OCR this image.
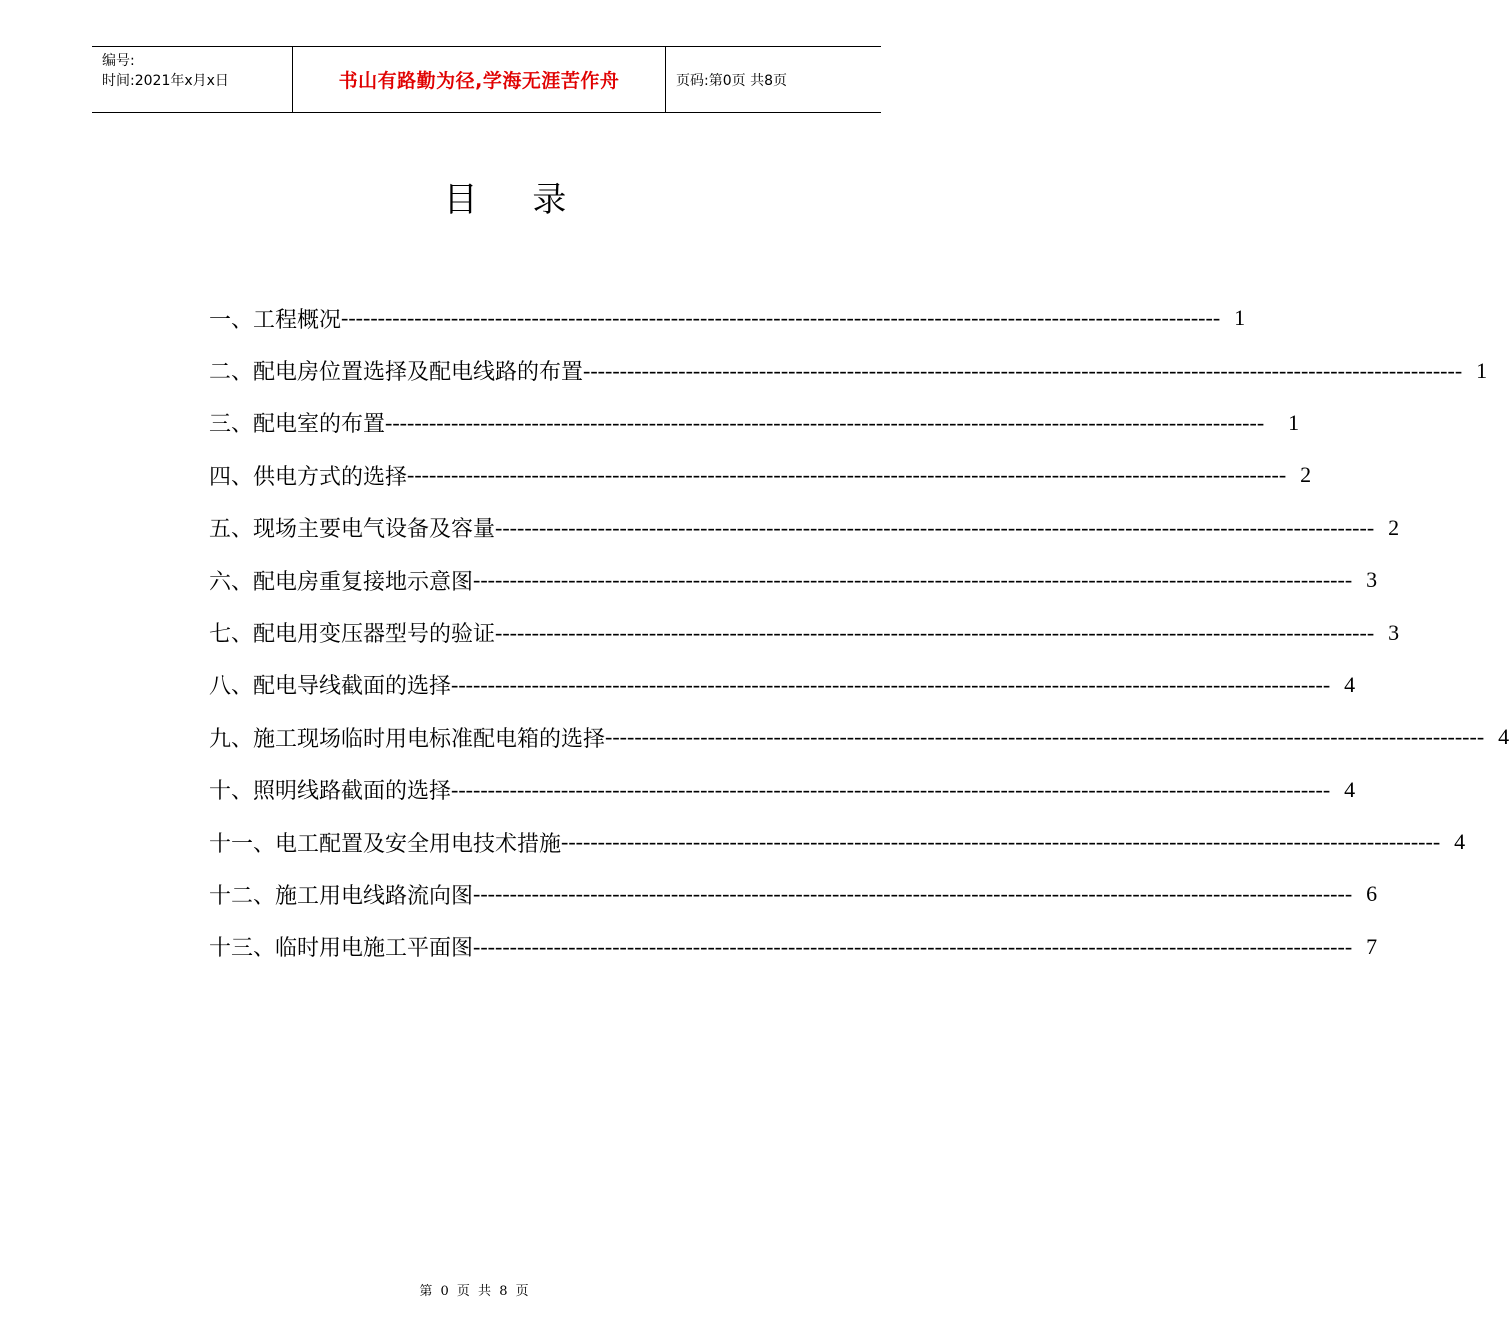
编号:
时间:2021年x月x日	书山有路勤为径,学海无涯苦作舟	页码:第0页 共8页
目 录
一、工程概况 ------------------------------------------------------------------------------------------------------------------------ 1
二、配电房位置选择及配电线路的布置 ------------------------------------------------------------------------------------------------------------------------ 1
三、配电室的布置 ------------------------------------------------------------------------------------------------------------------------ 1
四、供电方式的选择 ------------------------------------------------------------------------------------------------------------------------ 2
五、现场主要电气设备及容量 ------------------------------------------------------------------------------------------------------------------------ 2
六、配电房重复接地示意图 ------------------------------------------------------------------------------------------------------------------------ 3
七、配电用变压器型号的验证 ------------------------------------------------------------------------------------------------------------------------ 3
八、配电导线截面的选择 ------------------------------------------------------------------------------------------------------------------------ 4
九、施工现场临时用电标准配电箱的选择 ------------------------------------------------------------------------------------------------------------------------ 4
十、照明线路截面的选择 ------------------------------------------------------------------------------------------------------------------------ 4
十一、电工配置及安全用电技术措施 ------------------------------------------------------------------------------------------------------------------------ 4
十二、施工用电线路流向图 ------------------------------------------------------------------------------------------------------------------------ 6
十三、临时用电施工平面图 ------------------------------------------------------------------------------------------------------------------------ 7
第 0 页 共 8 页
